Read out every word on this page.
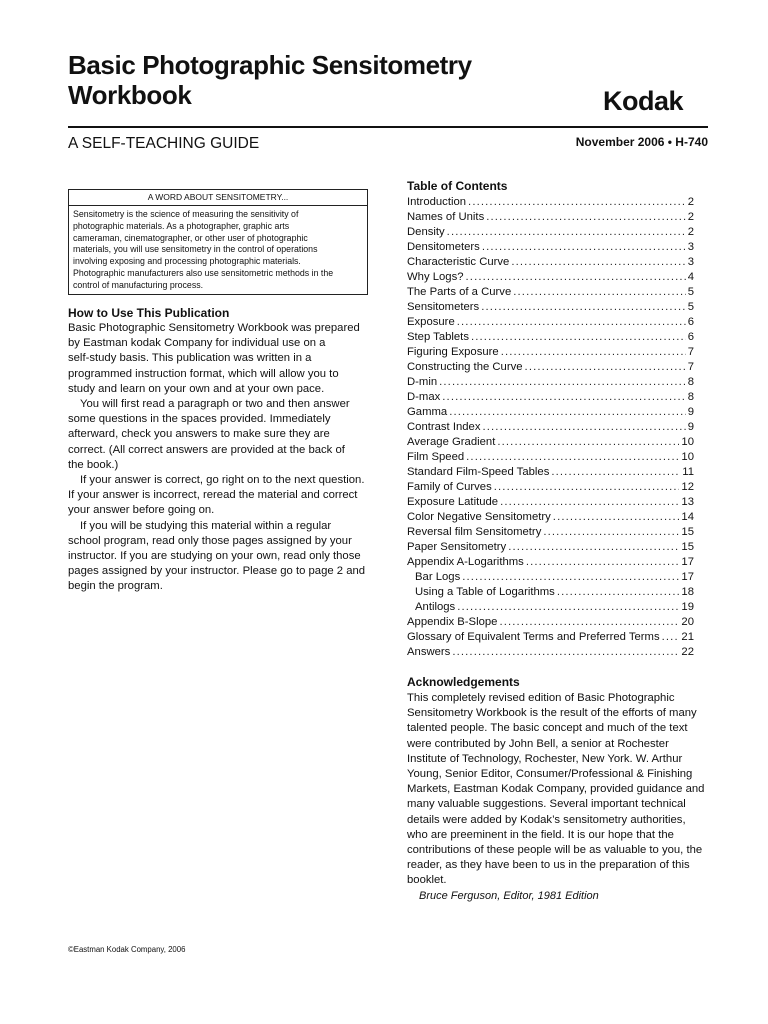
Basic Photographic Sensitometry
Workbook	Kodak
A SELF-TEACHING GUIDE	November 2006 • H-740
A WORD ABOUT SENSITOMETRY...
Sensitometry is the science of measuring the sensitivity of
photographic materials. As a photographer, graphic arts
cameraman, cinematographer, or other user of photographic
materials, you will use sensitometry in the control of operations
involving exposing and processing photographic materials.
Photographic manufacturers also use sensitometric methods in the
control of manufacturing process.
How to Use This Publication
Basic Photographic Sensitometry Workbook was prepared
by Eastman kodak Company for individual use on a
self-study basis. This publication was written in a
programmed instruction format, which will allow you to
study and learn on your own and at your own pace.
You will first read a paragraph or two and then answer
some questions in the spaces provided. Immediately
afterward, check you answers to make sure they are
correct. (All correct answers are provided at the back of
the book.)
If your answer is correct, go right on to the next question.
If your answer is incorrect, reread the material and correct
your answer before going on.
If you will be studying this material within a regular
school program, read only those pages assigned by your
instructor. If you are studying on your own, read only those
pages assigned by your instructor. Please go to page 2 and
begin the program.
Table of Contents
Introduction . . .	2
Names of Units . . .	2
Density . . .	2
Densitometers . . .	3
Characteristic Curve . . .	3
Why Logs? . . .	4
The Parts of a Curve . . .	5
Sensitometers . . .	5
Exposure . . .	6
Step Tablets . . .	6
Figuring Exposure . . .	7
Constructing the Curve . . .	7
D-min . . .	8
D-max . . .	8
Gamma . . .	9
Contrast Index . . .	9
Average Gradient . . .	10
Film Speed . . .	10
Standard Film-Speed Tables . . .	11
Family of Curves . . .	12
Exposure Latitude . . .	13
Color Negative Sensitometry . . .	14
Reversal film Sensitometry . . .	15
Paper Sensitometry . . .	15
Appendix A-Logarithms . . .	17
Bar Logs . . .	17
Using a Table of Logarithms . . .	18
Antilogs . . .	19
Appendix B-Slope . . .	20
Glossary of Equivalent Terms and Preferred Terms . . . 21
Answers . . .	22
Acknowledgements
This completely revised edition of Basic Photographic
Sensitometry Workbook is the result of the efforts of many
talented people. The basic concept and much of the text
were contributed by John Bell, a senior at Rochester
Institute of Technology, Rochester, New York. W. Arthur
Young, Senior Editor, Consumer/Professional & Finishing
Markets, Eastman Kodak Company, provided guidance and
many valuable suggestions. Several important technical
details were added by Kodak’s sensitometry authorities,
who are preeminent in the field. It is our hope that the
contributions of these people will be as valuable to you, the
reader, as they have been to us in the preparation of this
booklet.
Bruce Ferguson, Editor, 1981 Edition
©Eastman Kodak Company, 2006
